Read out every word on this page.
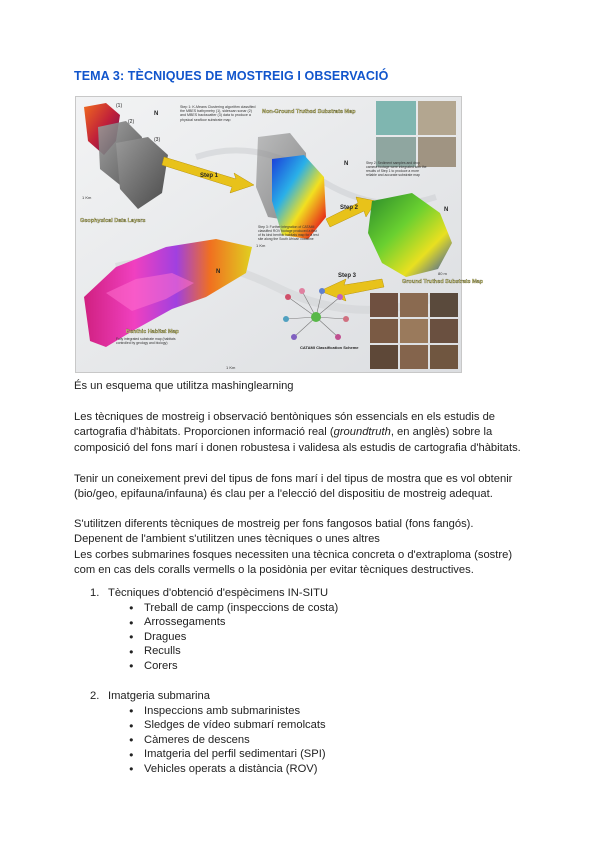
TEMA 3: TÈCNIQUES DE MOSTREIG I OBSERVACIÓ
(1)
(2)
(3)
N
Geophysical Data Layers
1 Km
Step 1
Step 1: K-Means Clustering algorithm classified the MBES bathymetry (1), sidescan sonar (2) and MBES backscatter (3) data to produce a physical seafloor substrate map
Non-Ground Truthed Substrate Map
1 Km
N	Step 2: Sediment samples and drop camera footage were integrated with the results of Step 1 to produce a more reliable and accurate substrate map
Step 2	N
Ground Truthed Substrate Map
80 m
Step 3: Further integration of CATAMI classified ROV footage produced a first of its kind benthic habitats map for a test site along the South African coastline
Step 3
CATAMI Classification Scheme
N
Benthic Habitat Map
Fully integrated substrate map (habitats controlled by geology and biology)
1 Km

És un esquema que utilitza mashinglearning

Les tècniques de mostreig i observació bentòniques són essencials en els estudis de

cartografia d'hàbitats. Proporcionen informació real (groundtruth, en anglès) sobre la

composició del fons marí i donen robustesa i validesa als estudis de cartografia d'hàbitats.

Tenir un coneixement previ del tipus de fons marí i del tipus de mostra que es vol obtenir

(bio/geo, epifauna/infauna) és clau per a l'elecció del dispositiu de mostreig adequat.

S'utilitzen diferents tècniques de mostreig per fons fangosos batial (fons fangós).

Depenent de l'ambient s'utilitzen unes tècniques o unes altres

Les corbes submarines fosques necessiten una tècnica concreta o d'extraploma (sostre)

com en cas dels coralls vermells o la posidònia per evitar tècniques destructives.

1. Tècniques d'obtenció d'espècimens IN-SITU
● Treball de camp (inspeccions de costa)
● Arrossegaments
● Dragues
● Reculls
● Corers
2. Imatgeria submarina
● Inspeccions amb submarinistes
● Sledges de vídeo submarí remolcats
● Càmeres de descens
● Imatgeria del perfil sedimentari (SPI)
● Vehicles operats a distància (ROV)
